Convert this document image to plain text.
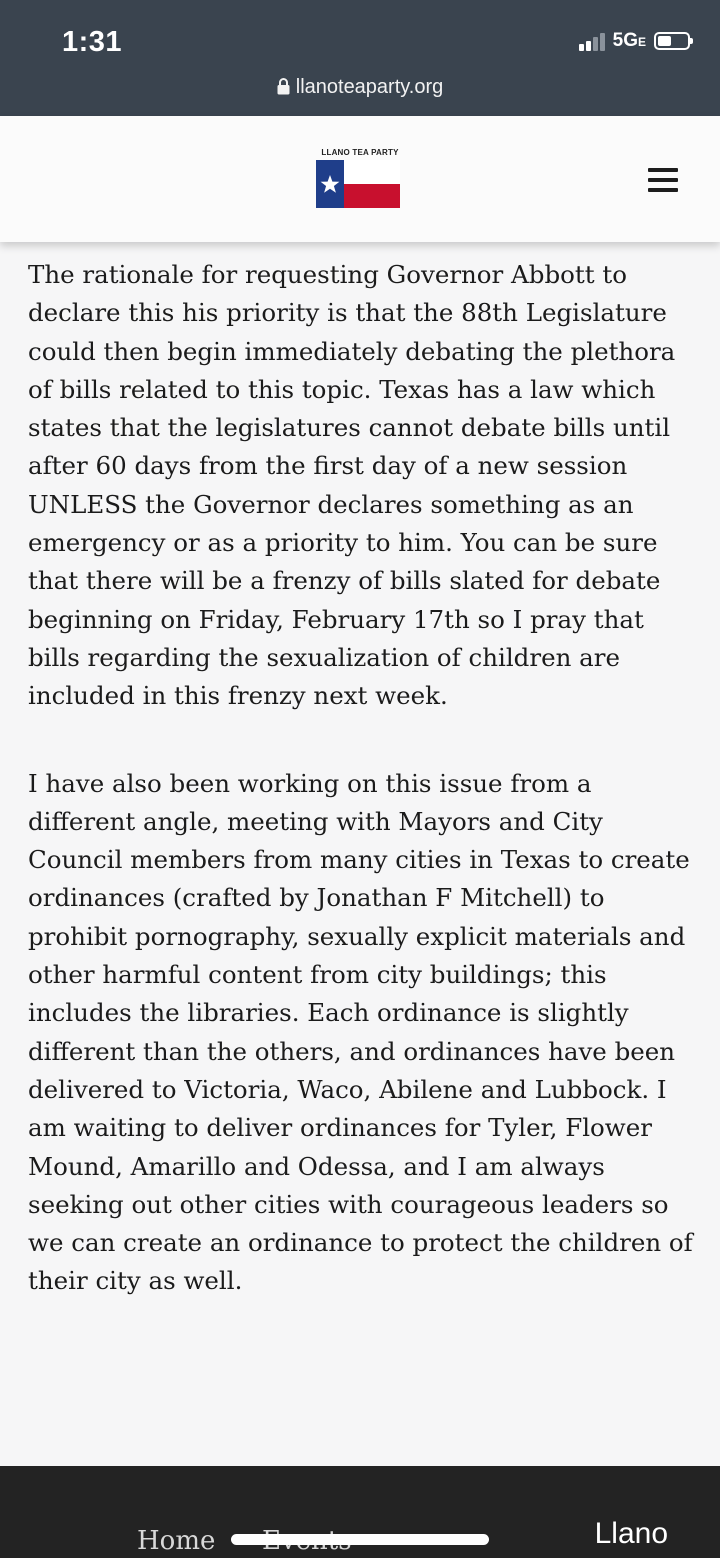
1:31	5GE
llanoteaparty.org
LLANO TEA PARTY

The rationale for requesting Governor Abbott to declare this his priority is that the 88th Legislature could then begin immediately debating the plethora of bills related to this topic. Texas has a law which states that the legislatures cannot debate bills until after 60 days from the first day of a new session UNLESS the Governor declares something as an emergency or as a priority to him. You can be sure that there will be a frenzy of bills slated for debate beginning on Friday, February 17th so I pray that bills regarding the sexualization of children are included in this frenzy next week.

I have also been working on this issue from a different angle, meeting with Mayors and City Council members from many cities in Texas to create ordinances (crafted by Jonathan F Mitchell) to prohibit pornography, sexually explicit materials and other harmful content from city buildings; this includes the libraries. Each ordinance is slightly different than the others, and ordinances have been delivered to Victoria, Waco, Abilene and Lubbock. I am waiting to deliver ordinances for Tyler, Flower Mound, Amarillo and Odessa, and I am always seeking out other cities with courageous leaders so we can create an ordinance to protect the children of their city as well.

Home	Llano
